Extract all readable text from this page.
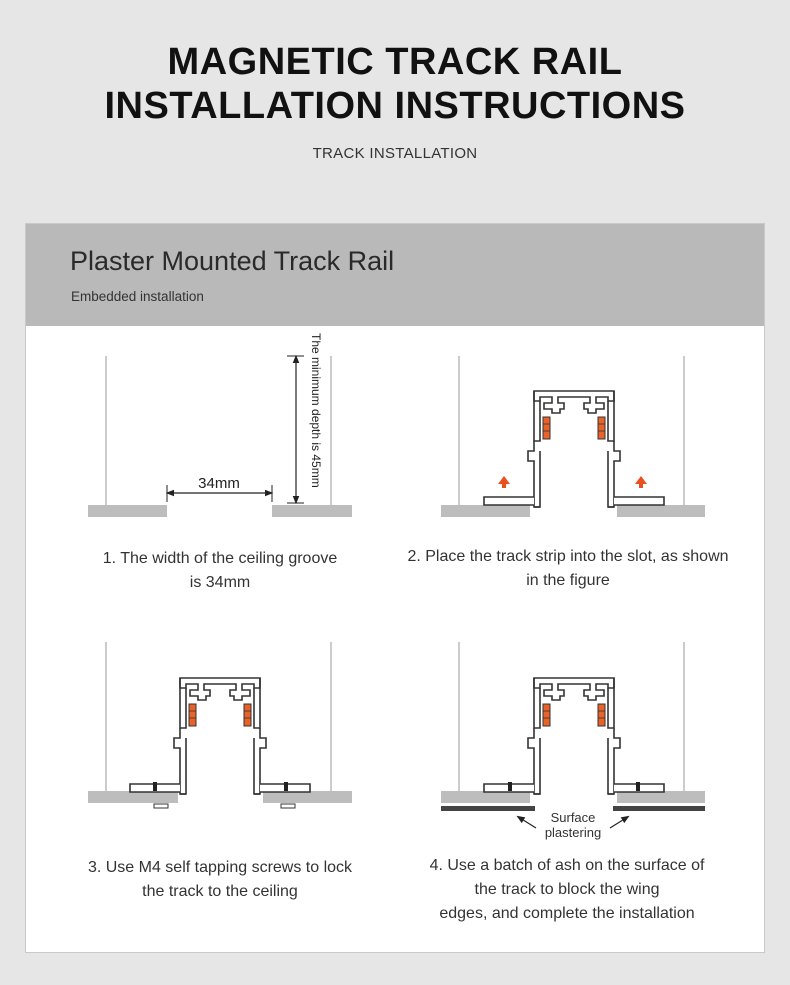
MAGNETIC TRACK RAIL
INSTALLATION INSTRUCTIONS
TRACK INSTALLATION
Plaster Mounted Track Rail
Embedded installation
34mm	The minimum depth is 45mm
Surface
plastering
1. The width of the ceiling groove
is 34mm
2. Place the track strip into the slot, as shown
in the figure
3. Use M4 self tapping screws to lock
the track to the ceiling
4. Use a batch of ash on the surface of
the track to block the wing
edges, and complete the installation
